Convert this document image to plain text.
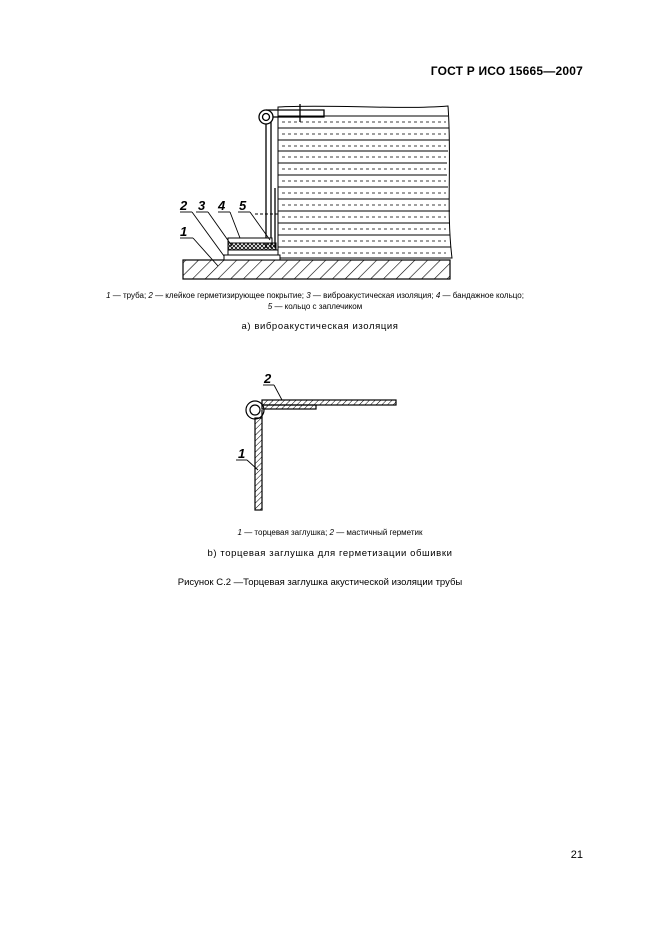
ГОСТ Р ИСО 15665—2007
1
2 3 4 5
1
2
1 — труба; 2 — клейкое герметизирующее покрытие; 3 — виброакустическая изоляция; 4 — бандажное кольцо;
5 — кольцо с заплечиком
а) виброакустическая изоляция
1 — торцевая заглушка; 2 — мастичный герметик
b) торцевая заглушка для герметизации обшивки
Рисунок С.2 —Торцевая заглушка акустической изоляции трубы
21
